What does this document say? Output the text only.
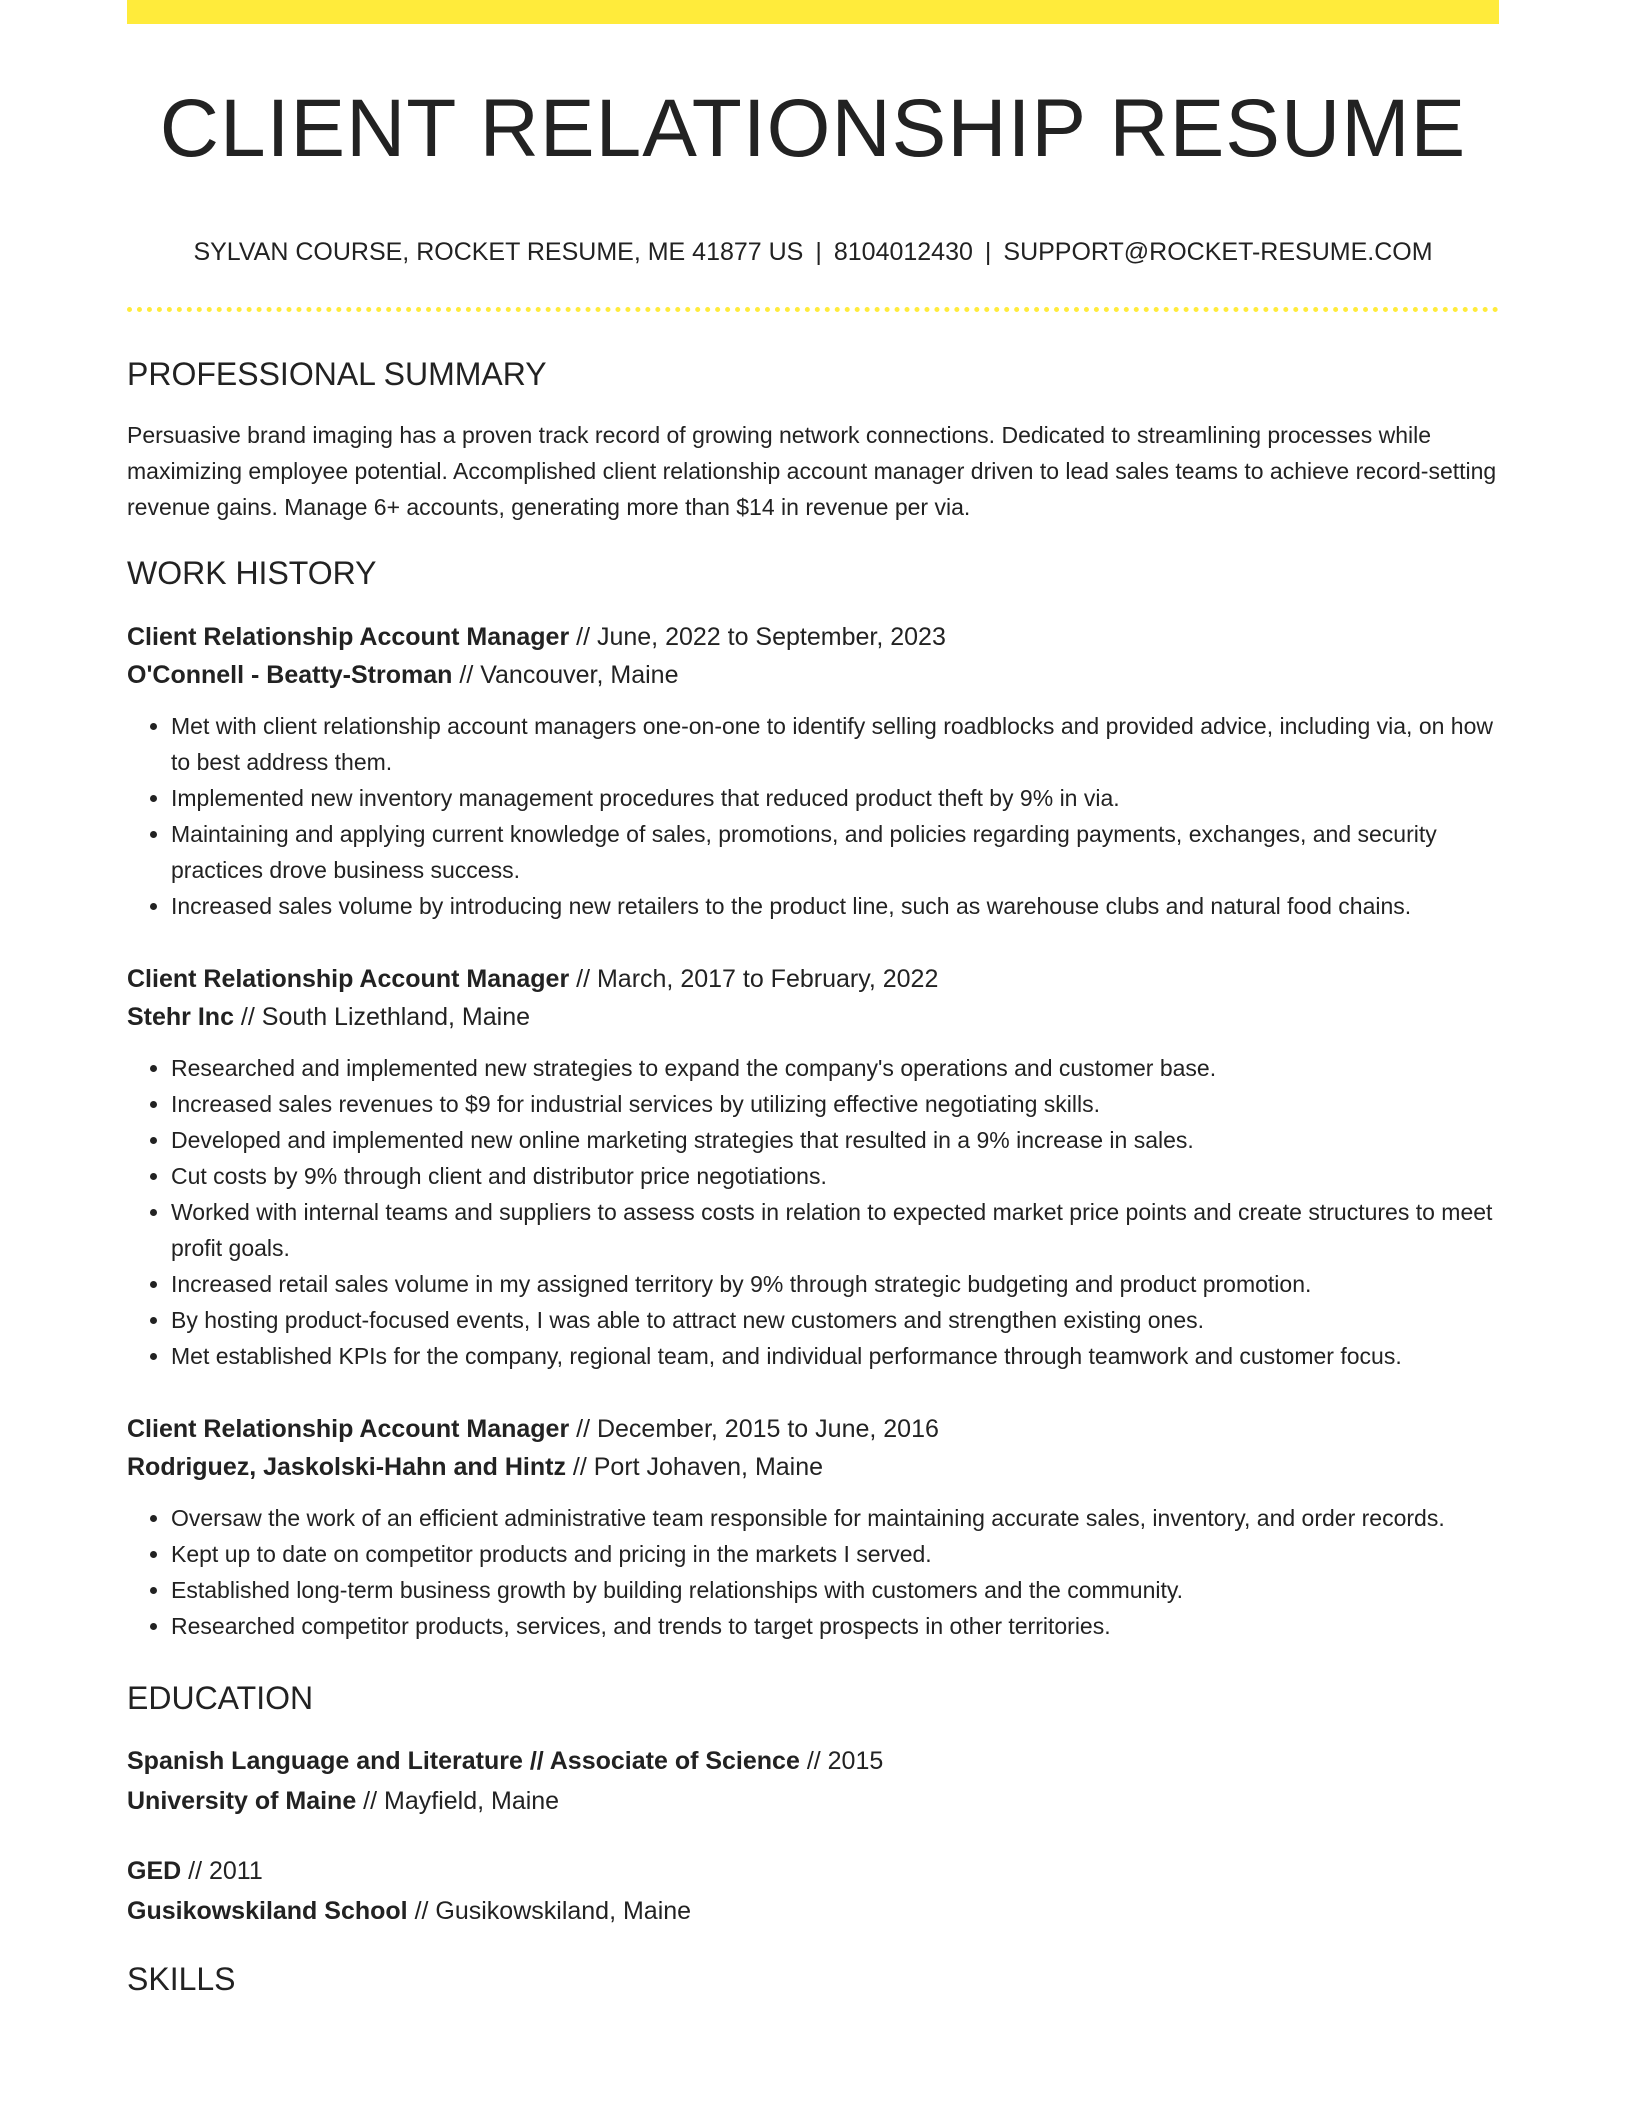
CLIENT RELATIONSHIP RESUME
SYLVAN COURSE, ROCKET RESUME, ME 41877 US | 8104012430 | SUPPORT@ROCKET-RESUME.COM
PROFESSIONAL SUMMARY

Persuasive brand imaging has a proven track record of growing network connections. Dedicated to streamlining processes while maximizing employee potential. Accomplished client relationship account manager driven to lead sales teams to achieve record-setting revenue gains. Manage 6+ accounts, generating more than $14 in revenue per via.

WORK HISTORY
Client Relationship Account Manager // June, 2022 to September, 2023
O'Connell - Beatty-Stroman // Vancouver, Maine
• Met with client relationship account managers one-on-one to identify selling roadblocks and provided advice, including via, on how to best address them.
• Implemented new inventory management procedures that reduced product theft by 9% in via.
• Maintaining and applying current knowledge of sales, promotions, and policies regarding payments, exchanges, and security practices drove business success.
• Increased sales volume by introducing new retailers to the product line, such as warehouse clubs and natural food chains.
Client Relationship Account Manager // March, 2017 to February, 2022
Stehr Inc // South Lizethland, Maine
• Researched and implemented new strategies to expand the company's operations and customer base.
• Increased sales revenues to $9 for industrial services by utilizing effective negotiating skills.
• Developed and implemented new online marketing strategies that resulted in a 9% increase in sales.
• Cut costs by 9% through client and distributor price negotiations.
• Worked with internal teams and suppliers to assess costs in relation to expected market price points and create structures to meet profit goals.
• Increased retail sales volume in my assigned territory by 9% through strategic budgeting and product promotion.
• By hosting product-focused events, I was able to attract new customers and strengthen existing ones.
• Met established KPIs for the company, regional team, and individual performance through teamwork and customer focus.
Client Relationship Account Manager // December, 2015 to June, 2016
Rodriguez, Jaskolski-Hahn and Hintz // Port Johaven, Maine
• Oversaw the work of an efficient administrative team responsible for maintaining accurate sales, inventory, and order records.
• Kept up to date on competitor products and pricing in the markets I served.
• Established long-term business growth by building relationships with customers and the community.
• Researched competitor products, services, and trends to target prospects in other territories.
EDUCATION
Spanish Language and Literature // Associate of Science // 2015
University of Maine // Mayfield, Maine
GED // 2011
Gusikowskiland School // Gusikowskiland, Maine
SKILLS
